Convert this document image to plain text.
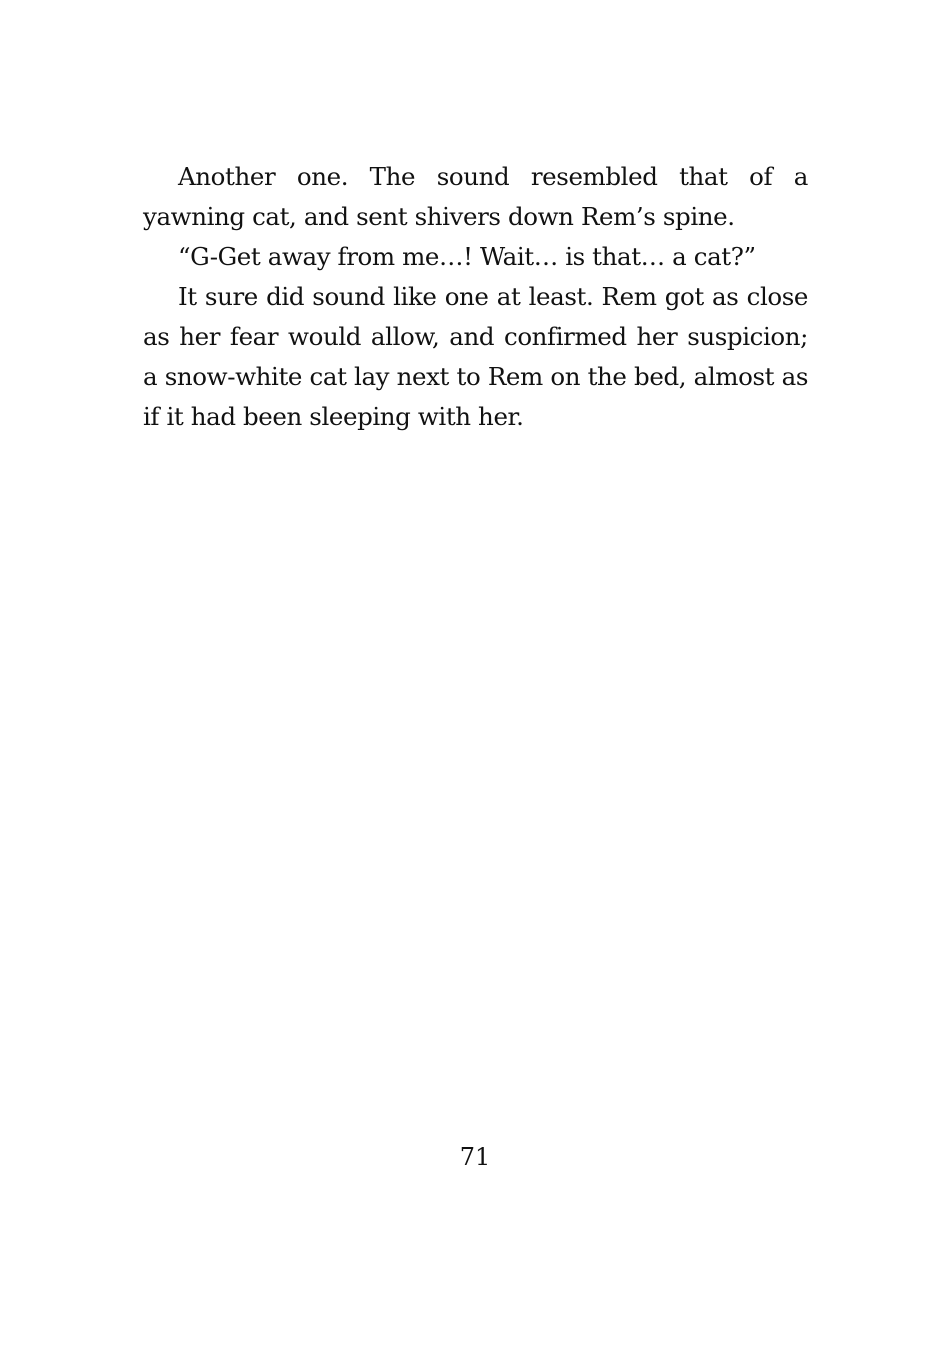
Another one. The sound resembled that of a yawning cat, and sent shivers down Rem’s spine.

“G-Get away from me…! Wait… is that… a cat?”

It sure did sound like one at least. Rem got as close as her fear would allow, and confirmed her suspicion; a snow-white cat lay next to Rem on the bed, almost as if it had been sleeping with her.

71
